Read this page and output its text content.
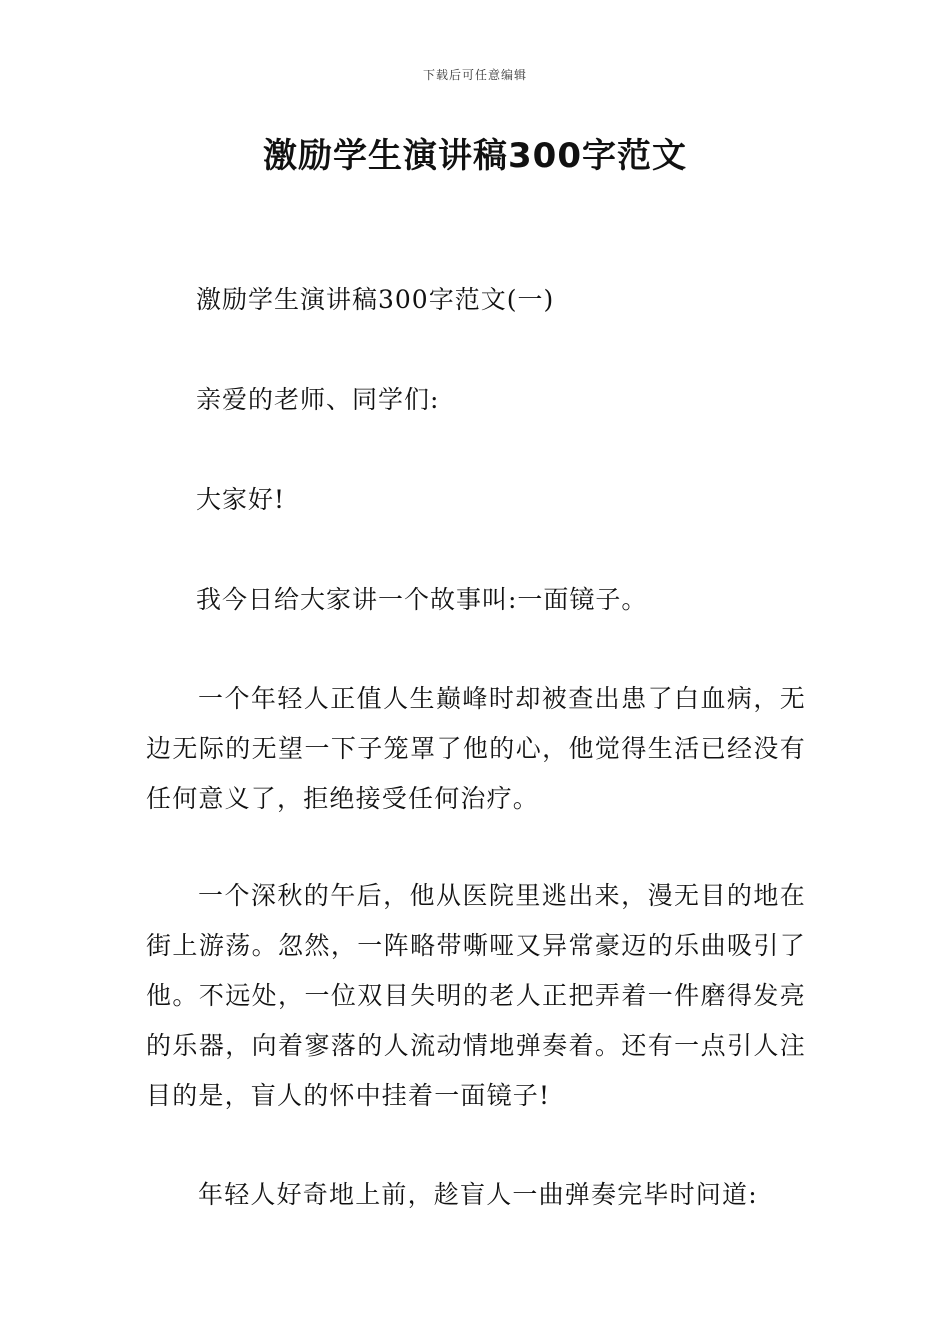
下载后可任意编辑
激励学生演讲稿300字范文
激励学生演讲稿300字范文(一)
亲爱的老师、同学们:
大家好!
我今日给大家讲一个故事叫:一面镜子。
一个年轻人正值人生巅峰时却被查出患了白血病，无边无际的无望一下子笼罩了他的心，他觉得生活已经没有任何意义了，拒绝接受任何治疗。
一个深秋的午后，他从医院里逃出来，漫无目的地在街上游荡。忽然，一阵略带嘶哑又异常豪迈的乐曲吸引了他。不远处，一位双目失明的老人正把弄着一件磨得发亮的乐器，向着寥落的人流动情地弹奏着。还有一点引人注目的是，盲人的怀中挂着一面镜子!
年轻人好奇地上前，趁盲人一曲弹奏完毕时问道:
